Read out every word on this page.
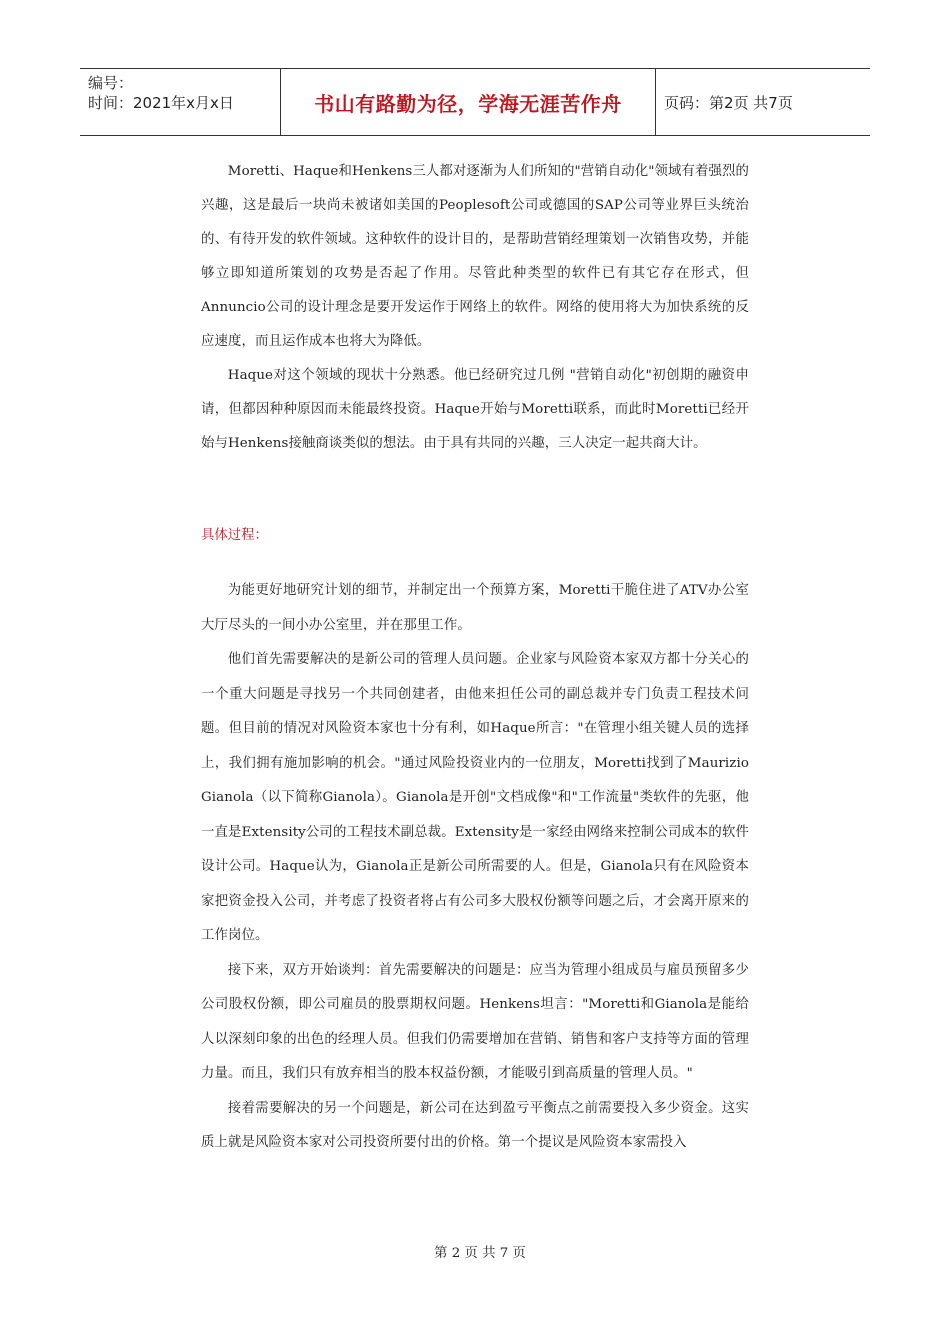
编号：
时间：2021年x月x日	书山有路勤为径，学海无涯苦作舟	页码：第2页 共7页

Moretti、Haque和Henkens三人都对逐渐为人们所知的"营销自动化"领域有着强烈的兴趣，这是最后一块尚未被诸如美国的Peoplesoft公司或德国的SAP公司等业界巨头统治的、有待开发的软件领域。这种软件的设计目的，是帮助营销经理策划一次销售攻势，并能够立即知道所策划的攻势是否起了作用。尽管此种类型的软件已有其它存在形式，但Annuncio公司的设计理念是要开发运作于网络上的软件。网络的使用将大为加快系统的反应速度，而且运作成本也将大为降低。

Haque对这个领域的现状十分熟悉。他已经研究过几例 "营销自动化"初创期的融资申请，但都因种种原因而未能最终投资。Haque开始与Moretti联系，而此时Moretti已经开始与Henkens接触商谈类似的想法。由于具有共同的兴趣，三人决定一起共商大计。

具体过程：

为能更好地研究计划的细节，并制定出一个预算方案，Moretti干脆住进了ATV办公室大厅尽头的一间小办公室里，并在那里工作。

他们首先需要解决的是新公司的管理人员问题。企业家与风险资本家双方都十分关心的一个重大问题是寻找另一个共同创建者，由他来担任公司的副总裁并专门负责工程技术问题。但目前的情况对风险资本家也十分有利，如Haque所言："在管理小组关键人员的选择上，我们拥有施加影响的机会。"通过风险投资业内的一位朋友，Moretti找到了Maurizio Gianola（以下简称Gianola）。Gianola是开创"文档成像"和"工作流量"类软件的先驱，他一直是Extensity公司的工程技术副总裁。Extensity是一家经由网络来控制公司成本的软件设计公司。Haque认为，Gianola正是新公司所需要的人。但是，Gianola只有在风险资本家把资金投入公司，并考虑了投资者将占有公司多大股权份额等问题之后，才会离开原来的工作岗位。

接下来，双方开始谈判：首先需要解决的问题是：应当为管理小组成员与雇员预留多少公司股权份额，即公司雇员的股票期权问题。Henkens坦言："Moretti和Gianola是能给人以深刻印象的出色的经理人员。但我们仍需要增加在营销、销售和客户支持等方面的管理力量。而且，我们只有放弃相当的股本权益份额，才能吸引到高质量的管理人员。"

接着需要解决的另一个问题是，新公司在达到盈亏平衡点之前需要投入多少资金。这实质上就是风险资本家对公司投资所要付出的价格。第一个提议是风险资本家需投入

第 2 页 共 7 页
